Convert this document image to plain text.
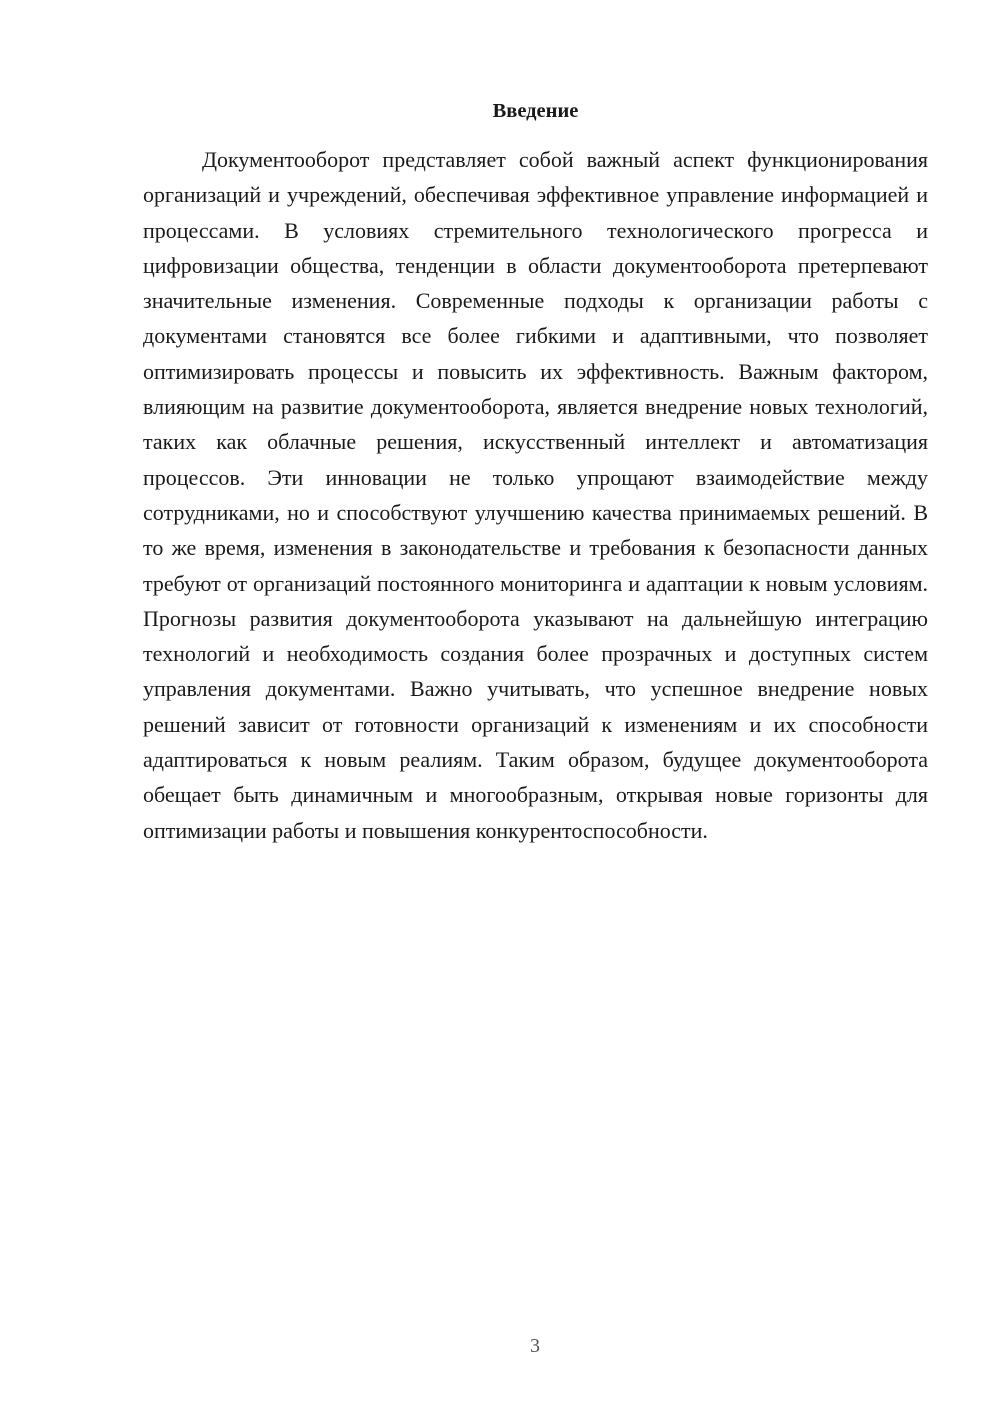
Введение

Документооборот представляет собой важный аспект функционирования организаций и учреждений, обеспечивая эффективное управление информацией и процессами. В условиях стремительного технологического прогресса и цифровизации общества, тенденции в области документооборота претерпевают значительные изменения. Современные подходы к организации работы с документами становятся все более гибкими и адаптивными, что позволяет оптимизировать процессы и повысить их эффективность. Важным фактором, влияющим на развитие документооборота, является внедрение новых технологий, таких как облачные решения, искусственный интеллект и автоматизация процессов. Эти инновации не только упрощают взаимодействие между сотрудниками, но и способствуют улучшению качества принимаемых решений. В то же время, изменения в законодательстве и требования к безопасности данных требуют от организаций постоянного мониторинга и адаптации к новым условиям. Прогнозы развития документооборота указывают на дальнейшую интеграцию технологий и необходимость создания более прозрачных и доступных систем управления документами. Важно учитывать, что успешное внедрение новых решений зависит от готовности организаций к изменениям и их способности адаптироваться к новым реалиям. Таким образом, будущее документооборота обещает быть динамичным и многообразным, открывая новые горизонты для оптимизации работы и повышения конкурентоспособности.

3
